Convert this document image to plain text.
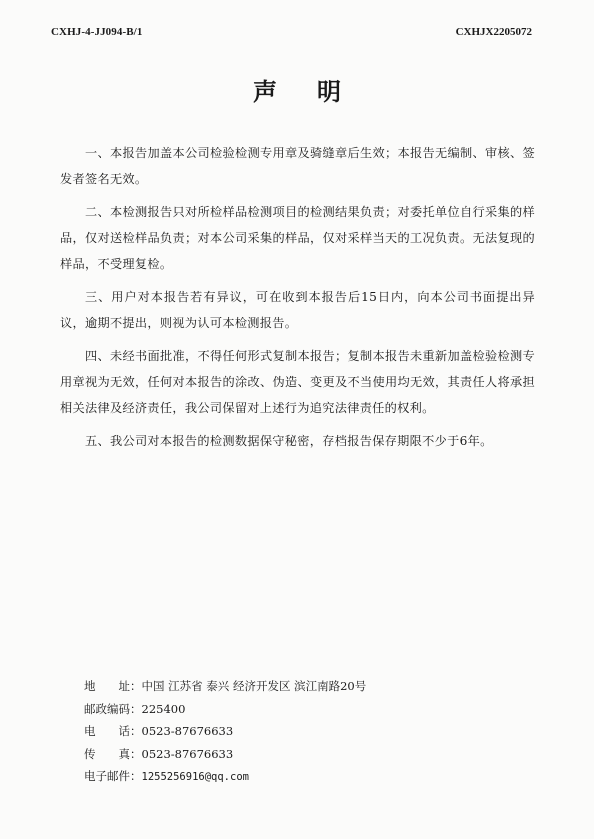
CXHJ-4-JJ094-B/1	CXHJX2205072
声明

一、本报告加盖本公司检验检测专用章及骑缝章后生效；本报告无编制、审核、签发者签名无效。

二、本检测报告只对所检样品检测项目的检测结果负责；对委托单位自行采集的样品，仅对送检样品负责；对本公司采集的样品，仅对采样当天的工况负责。无法复现的样品，不受理复检。

三、用户对本报告若有异议，可在收到本报告后15日内，向本公司书面提出异议，逾期不提出，则视为认可本检测报告。

四、未经书面批准，不得任何形式复制本报告；复制本报告未重新加盖检验检测专用章视为无效，任何对本报告的涂改、伪造、变更及不当使用均无效，其责任人将承担相关法律及经济责任，我公司保留对上述行为追究法律责任的权利。

五、我公司对本报告的检测数据保守秘密，存档报告保存期限不少于6年。

地　　址：中国 江苏省 泰兴 经济开发区 滨江南路20号
邮政编码：225400
电　　话：0523-87676633
传　　真：0523-87676633
电子邮件：1255256916@qq.com
